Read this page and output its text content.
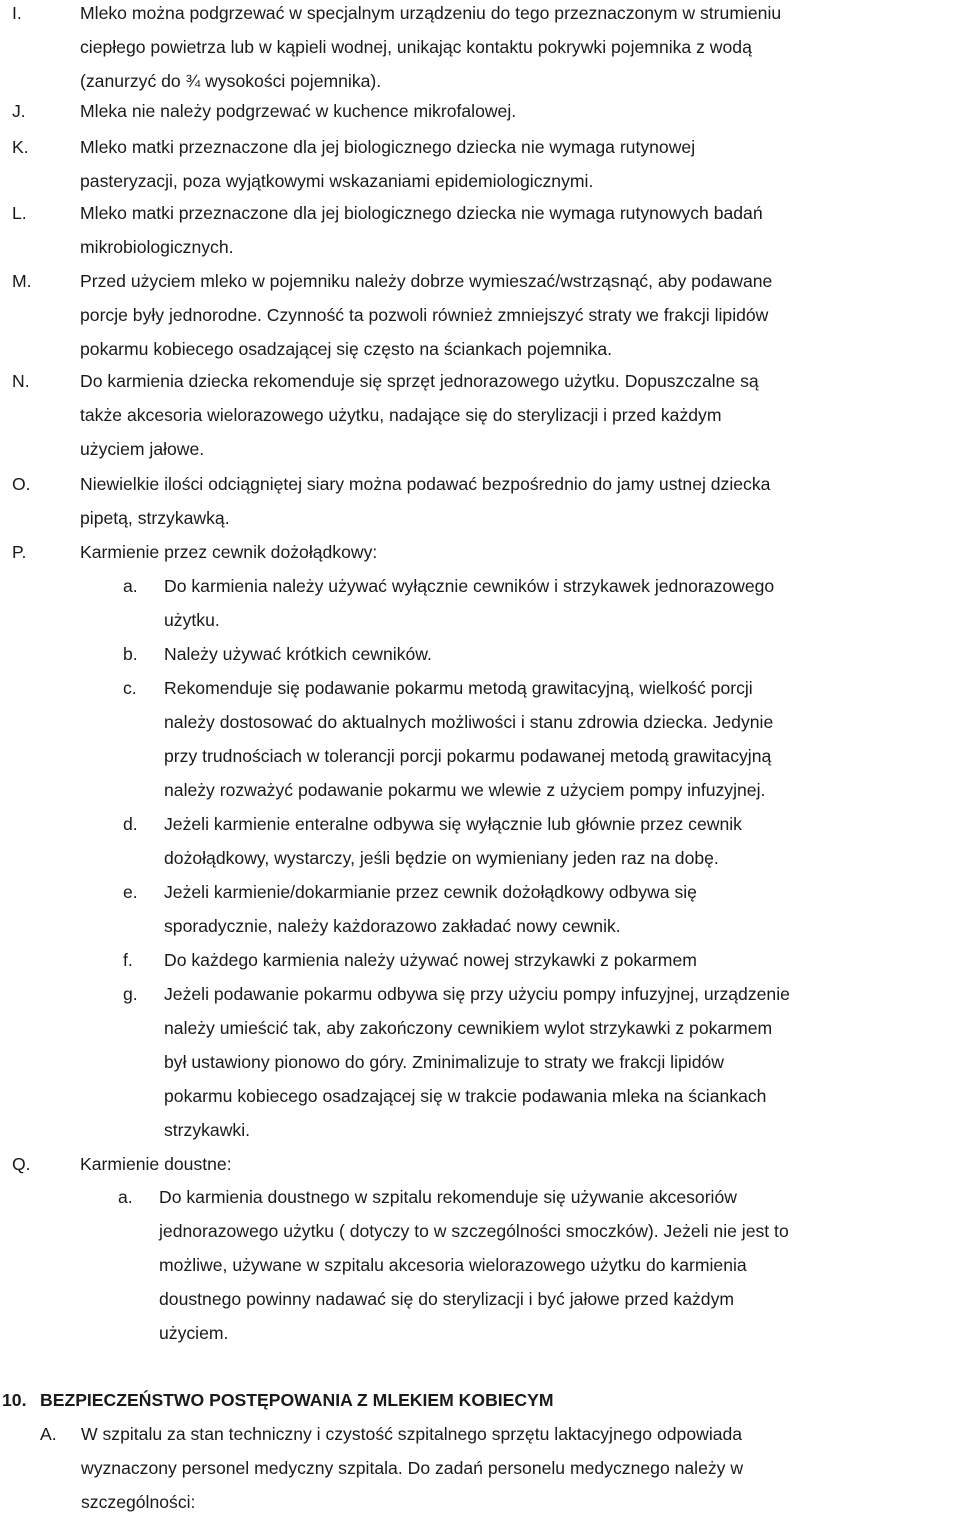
I.	Mleko można podgrzewać w specjalnym urządzeniu do tego przeznaczonym w strumieniu
ciepłego powietrza lub w kąpieli wodnej, unikając kontaktu pokrywki pojemnika z wodą
(zanurzyć do ¾ wysokości pojemnika).
J.	Mleka nie należy podgrzewać w kuchence mikrofalowej.
K.	Mleko matki przeznaczone dla jej biologicznego dziecka nie wymaga rutynowej
pasteryzacji, poza wyjątkowymi wskazaniami epidemiologicznymi.
L.	Mleko matki przeznaczone dla jej biologicznego dziecka nie wymaga rutynowych badań
mikrobiologicznych.
M.	Przed użyciem mleko w pojemniku należy dobrze wymieszać/wstrząsnąć, aby podawane
porcje były jednorodne. Czynność ta pozwoli również zmniejszyć straty we frakcji lipidów
pokarmu kobiecego osadzającej się często na ściankach pojemnika.
N.	Do karmienia dziecka rekomenduje się sprzęt jednorazowego użytku. Dopuszczalne są
także akcesoria wielorazowego użytku, nadające się do sterylizacji i przed każdym
użyciem jałowe.
O.	Niewielkie ilości odciągniętej siary można podawać bezpośrednio do jamy ustnej dziecka
pipetą, strzykawką.
P.	Karmienie przez cewnik dożołądkowy:
a.	Do karmienia należy używać wyłącznie cewników i strzykawek jednorazowego
użytku.
b.	Należy używać krótkich cewników.
c.	Rekomenduje się podawanie pokarmu metodą grawitacyjną, wielkość porcji
należy dostosować do aktualnych możliwości i stanu zdrowia dziecka. Jedynie
przy trudnościach w tolerancji porcji pokarmu podawanej metodą grawitacyjną
należy rozważyć podawanie pokarmu we wlewie z użyciem pompy infuzyjnej.
d.	Jeżeli karmienie enteralne odbywa się wyłącznie lub głównie przez cewnik
dożołądkowy, wystarczy, jeśli będzie on wymieniany jeden raz na dobę.
e.	Jeżeli karmienie/dokarmianie przez cewnik dożołądkowy odbywa się
sporadycznie, należy każdorazowo zakładać nowy cewnik.
f.	Do każdego karmienia należy używać nowej strzykawki z pokarmem
g.	Jeżeli podawanie pokarmu odbywa się przy użyciu pompy infuzyjnej, urządzenie
należy umieścić tak, aby zakończony cewnikiem wylot strzykawki z pokarmem
był ustawiony pionowo do góry. Zminimalizuje to straty we frakcji lipidów
pokarmu kobiecego osadzającej się w trakcie podawania mleka na ściankach
strzykawki.
Q.	Karmienie doustne:
a.	Do karmienia doustnego w szpitalu rekomenduje się używanie akcesoriów
jednorazowego użytku ( dotyczy to w szczególności smoczków). Jeżeli nie jest to
możliwe, używane w szpitalu akcesoria wielorazowego użytku do karmienia
doustnego powinny nadawać się do sterylizacji i być jałowe przed każdym
użyciem.
10. BEZPIECZEŃSTWO POSTĘPOWANIA Z MLEKIEM KOBIECYM
A.	W szpitalu za stan techniczny i czystość szpitalnego sprzętu laktacyjnego odpowiada
wyznaczony personel medyczny szpitala. Do zadań personelu medycznego należy w
szczególności:
